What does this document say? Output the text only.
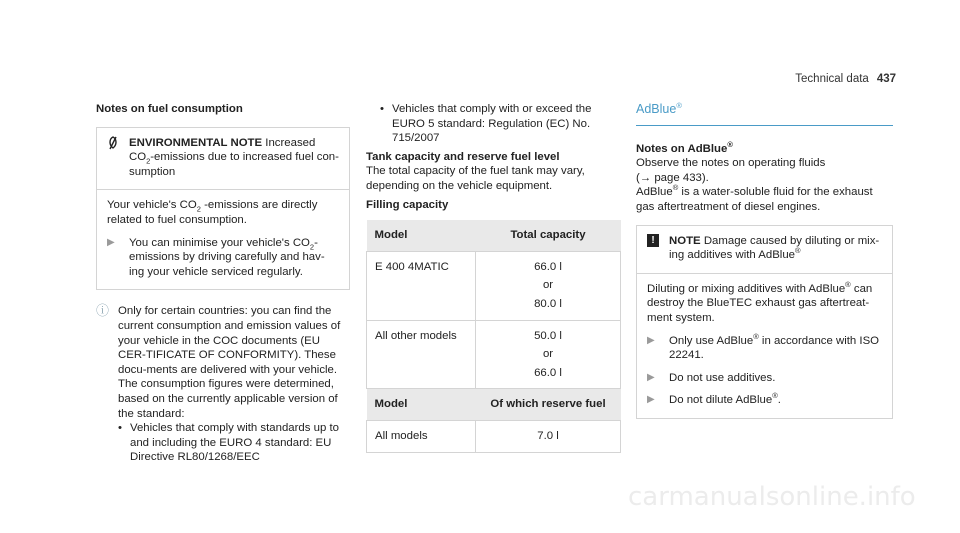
Technical data 437
Notes on fuel consumption
ENVIRONMENTAL NOTE Increased $CO_2$-emissions due to increased fuel con-sumption
Your vehicle's $CO_2$ -emissions are directly related to fuel consumption.
▶	You can minimise your vehicle's $CO_2$-emissions by driving carefully and hav-ing your vehicle serviced regularly.
ⓘ Only for certain countries: you can find the current consumption and emission values of your vehicle in the COC documents (EU CER-TIFICATE OF CONFORMITY). These docu-ments are delivered with your vehicle.
The consumption figures were determined, based on the currently applicable version of the standard:
• Vehicles that comply with standards up to and including the EURO 4 standard: EU Directive RL80/1268/EEC
• Vehicles that comply with or exceed the EURO 5 standard: Regulation (EC) No. 715/2007
Tank capacity and reserve fuel level
The total capacity of the fuel tank may vary, depending on the vehicle equipment.
Filling capacity
Model	Total capacity
E 400 4MATIC	66.0 l
or
80.0 l

All other models	50.0 l
or
66.0 l

Model	Of which reserve fuel
All models	7.0 l
AdBlue®
Notes on AdBlue®
Observe the notes on operating fluids
(→ page 433).
AdBlue® is a water-soluble fluid for the exhaust gas aftertreatment of diesel engines.
!	NOTE Damage caused by diluting or mix-ing additives with AdBlue®
Diluting or mixing additives with AdBlue® can destroy the BlueTEC exhaust gas aftertreat-ment system.
▶	Only use AdBlue® in accordance with ISO 22241.
▶	Do not use additives.
▶	Do not dilute AdBlue®.
carmanualsonline.info
